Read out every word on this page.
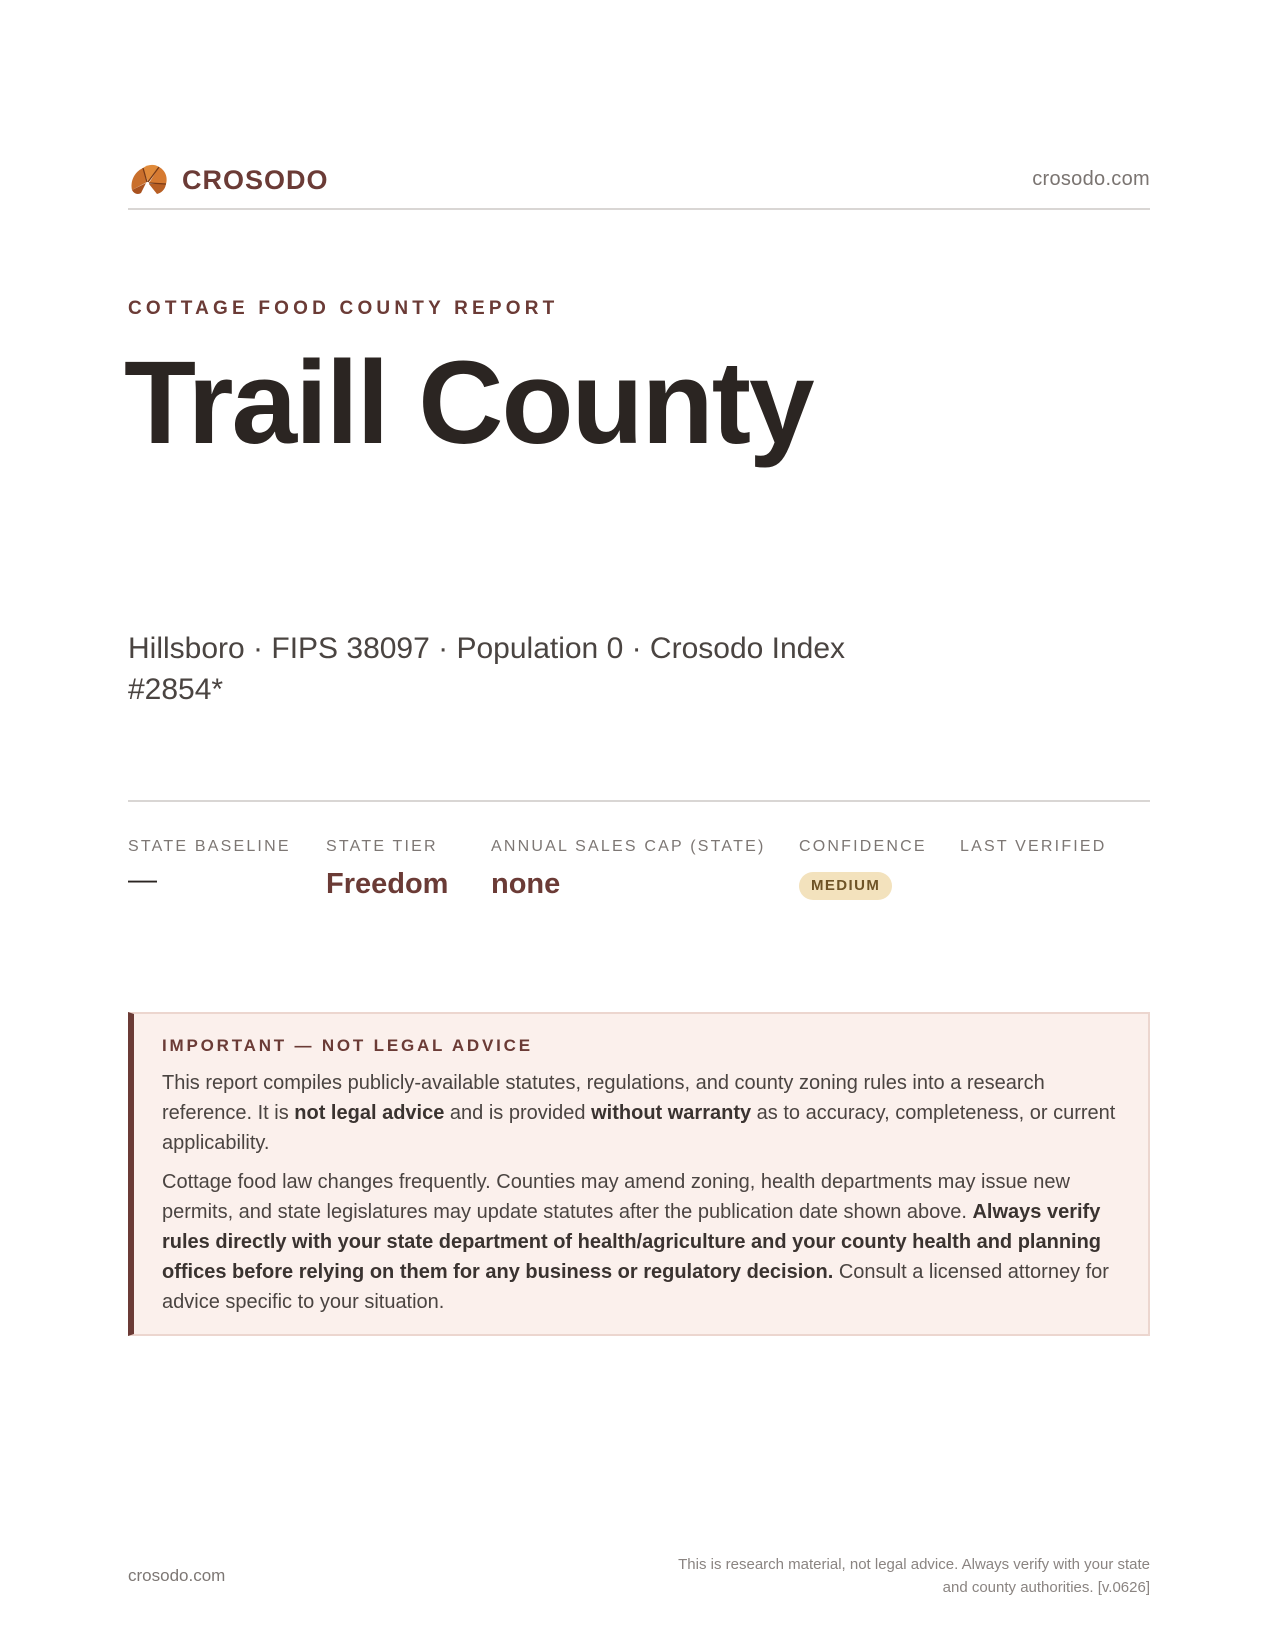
CROSODO	crosodo.com
COTTAGE FOOD COUNTY REPORT
Traill County
Hillsboro · FIPS 38097 · Population 0 · Crosodo Index #2854*
STATE BASELINE
—
STATE TIER
Freedom
ANNUAL SALES CAP (STATE)
none
CONFIDENCE
MEDIUM
LAST VERIFIED
IMPORTANT — NOT LEGAL ADVICE

This report compiles publicly-available statutes, regulations, and county zoning rules into a research reference. It is not legal advice and is provided without warranty as to accuracy, completeness, or current applicability.

Cottage food law changes frequently. Counties may amend zoning, health departments may issue new permits, and state legislatures may update statutes after the publication date shown above. Always verify rules directly with your state department of health/agriculture and your county health and planning offices before relying on them for any business or regulatory decision. Consult a licensed attorney for advice specific to your situation.

crosodo.com
This is research material, not legal advice. Always verify with your state
and county authorities. [v.0626]
